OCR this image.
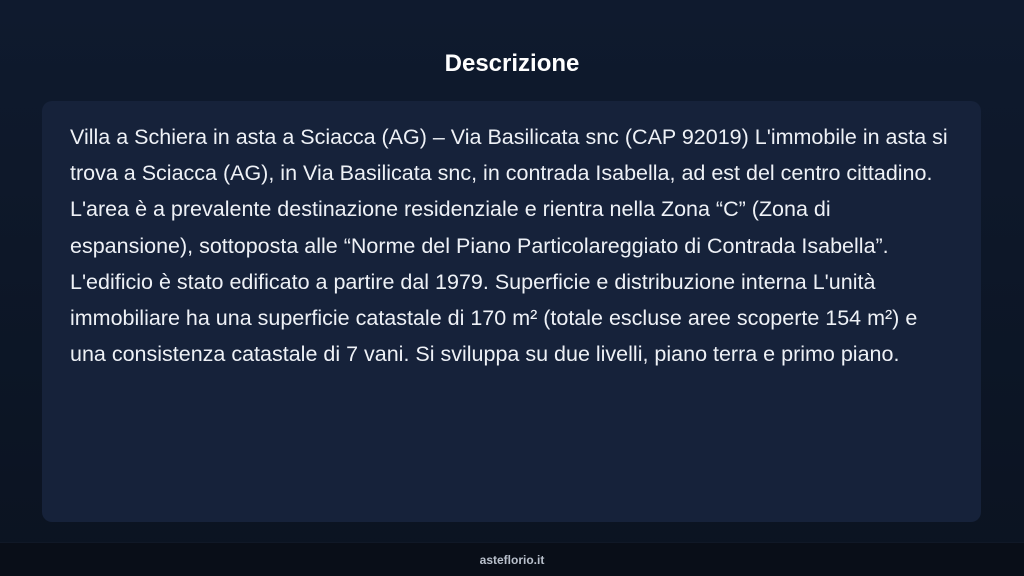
Descrizione

Villa a Schiera in asta a Sciacca (AG) – Via Basilicata snc (CAP 92019) L'immobile in asta si trova a Sciacca (AG), in Via Basilicata snc, in contrada Isabella, ad est del centro cittadino. L'area è a prevalente destinazione residenziale e rientra nella Zona “C” (Zona di espansione), sottoposta alle “Norme del Piano Particolareggiato di Contrada Isabella”. L'edificio è stato edificato a partire dal 1979. Superficie e distribuzione interna L'unità immobiliare ha una superficie catastale di 170 m² (totale escluse aree scoperte 154 m²) e una consistenza catastale di 7 vani. Si sviluppa su due livelli, piano terra e primo piano.

asteflorio.it
